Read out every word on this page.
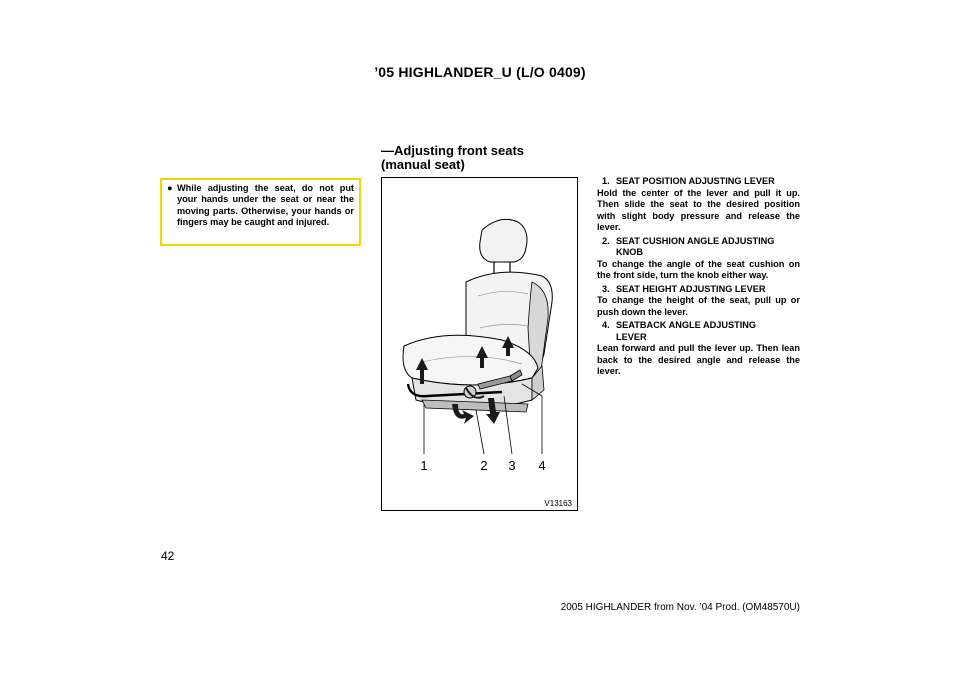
’05 HIGHLANDER_U (L/O 0409)
● While adjusting the seat, do not put your hands under the seat or near the moving parts. Otherwise, your hands or fingers may be caught and injured.
—Adjusting front seats
(manual seat)
1	2 3 4
V13163
1. SEAT POSITION ADJUSTING LEVER
Hold the center of the lever and pull it up. Then slide the seat to the desired position with slight body pressure and release the lever.
2. SEAT CUSHION ANGLE ADJUSTING
KNOB
To change the angle of the seat cushion on the front side, turn the knob either way.
3. SEAT HEIGHT ADJUSTING LEVER
To change the height of the seat, pull up or push down the lever.
4. SEATBACK ANGLE ADJUSTING
LEVER
Lean forward and pull the lever up. Then lean back to the desired angle and release the lever.
42
2005 HIGHLANDER from Nov. ’04 Prod. (OM48570U)
